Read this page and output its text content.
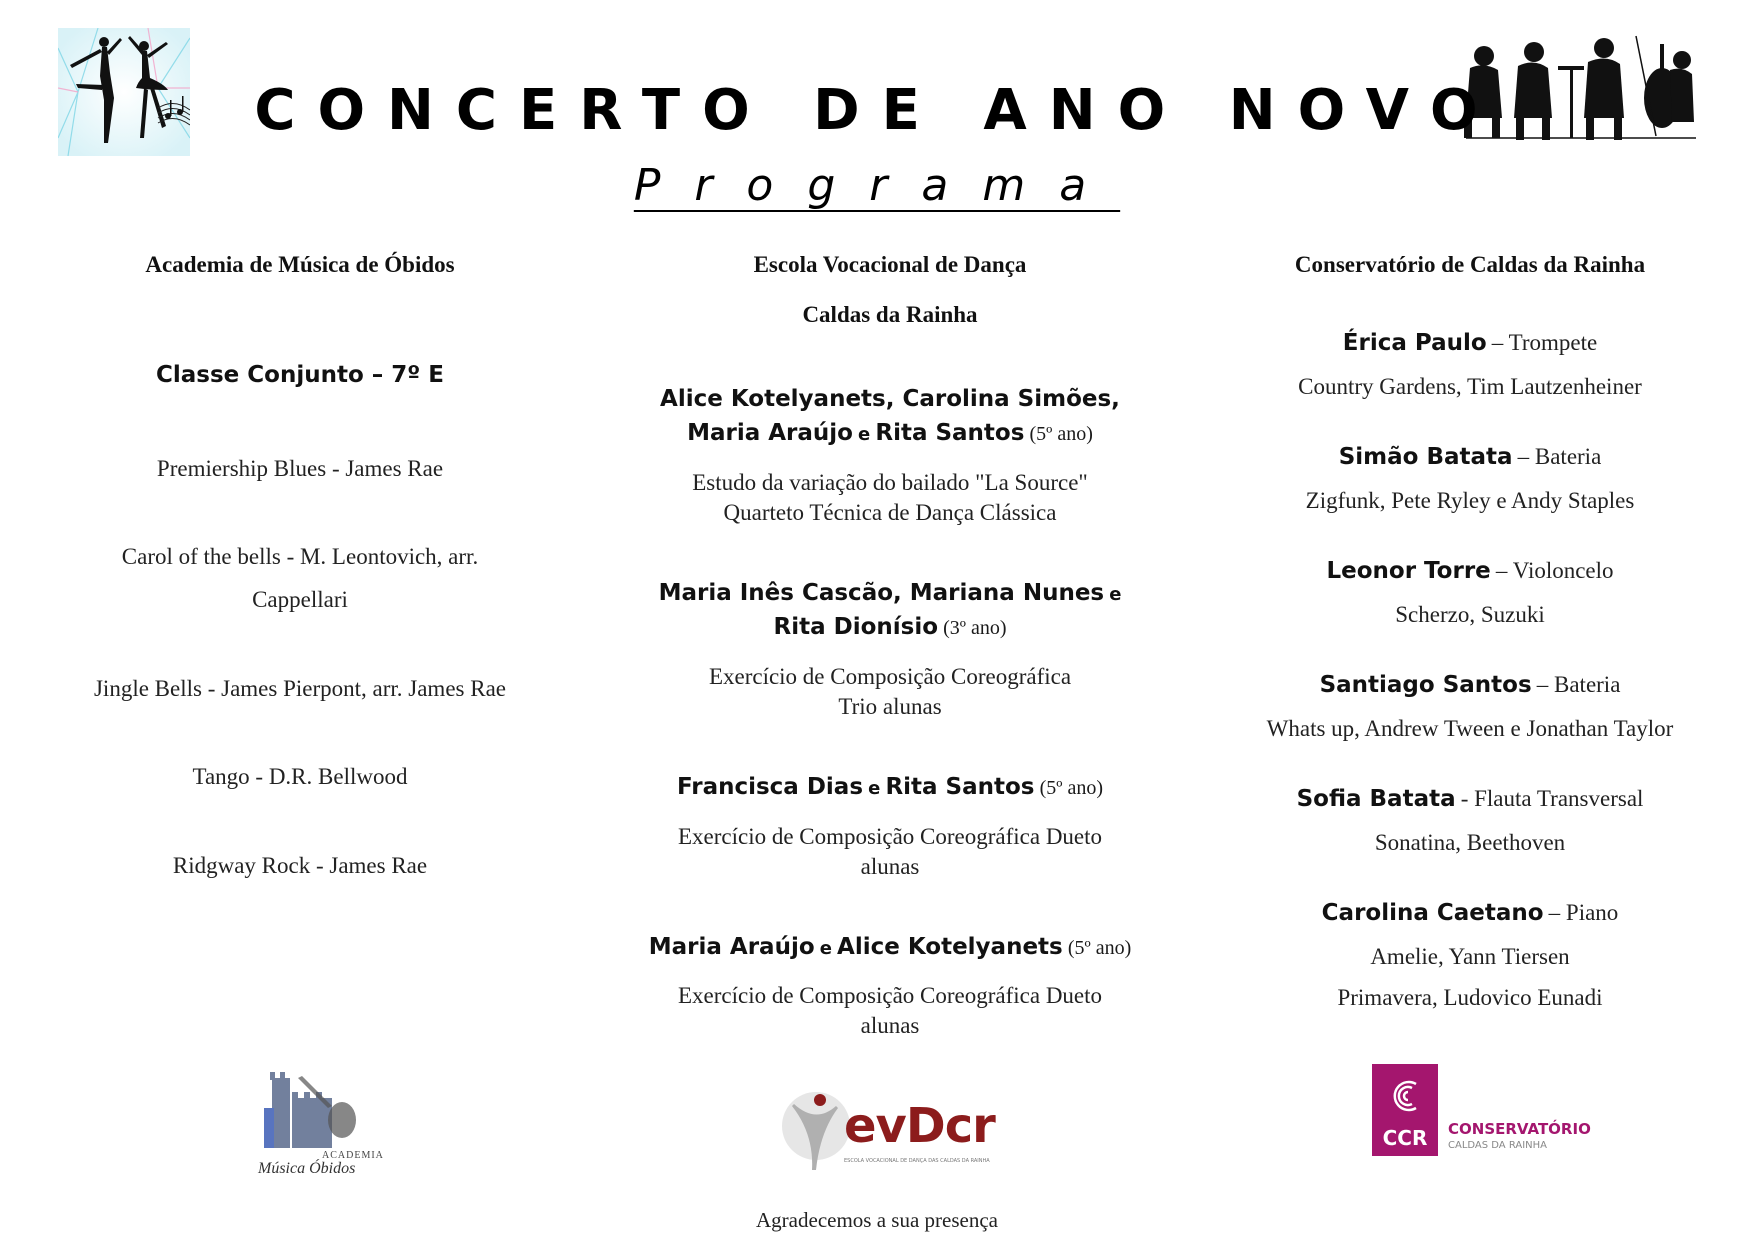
CONCERTO DE ANO NOVO
Programa
Academia de Música de Óbidos
Classe Conjunto – 7º E
Premiership Blues - James Rae
Carol of the bells - M. Leontovich, arr.
Cappellari
Jingle Bells - James Pierpont, arr. James Rae
Tango - D.R. Bellwood
Ridgway Rock - James Rae
ACADEMIA
Música Óbidos
Escola Vocacional de Dança
Caldas da Rainha
Alice Kotelyanets, Carolina Simões,
Maria Araújo e Rita Santos (5º ano)
Estudo da variação do bailado "La Source"
Quarteto Técnica de Dança Clássica
Maria Inês Cascão, Mariana Nunes e
Rita Dionísio (3º ano)
Exercício de Composição Coreográfica
Trio alunas
Francisca Dias e Rita Santos (5º ano)
Exercício de Composição Coreográfica Dueto
alunas
Maria Araújo e Alice Kotelyanets (5º ano)
Exercício de Composição Coreográfica Dueto
alunas
evDcr
ESCOLA VOCACIONAL DE DANÇA DAS CALDAS DA RAINHA
Conservatório de Caldas da Rainha
Érica Paulo – Trompete
Country Gardens, Tim Lautzenheiner
Simão Batata – Bateria
Zigfunk, Pete Ryley e Andy Staples
Leonor Torre – Violoncelo
Scherzo, Suzuki
Santiago Santos – Bateria
Whats up, Andrew Tween e Jonathan Taylor
Sofia Batata - Flauta Transversal
Sonatina, Beethoven
Carolina Caetano – Piano
Amelie, Yann Tiersen
Primavera, Ludovico Eunadi
CCR	CONSERVATÓRIO
CALDAS DA RAINHA
Agradecemos a sua presença
